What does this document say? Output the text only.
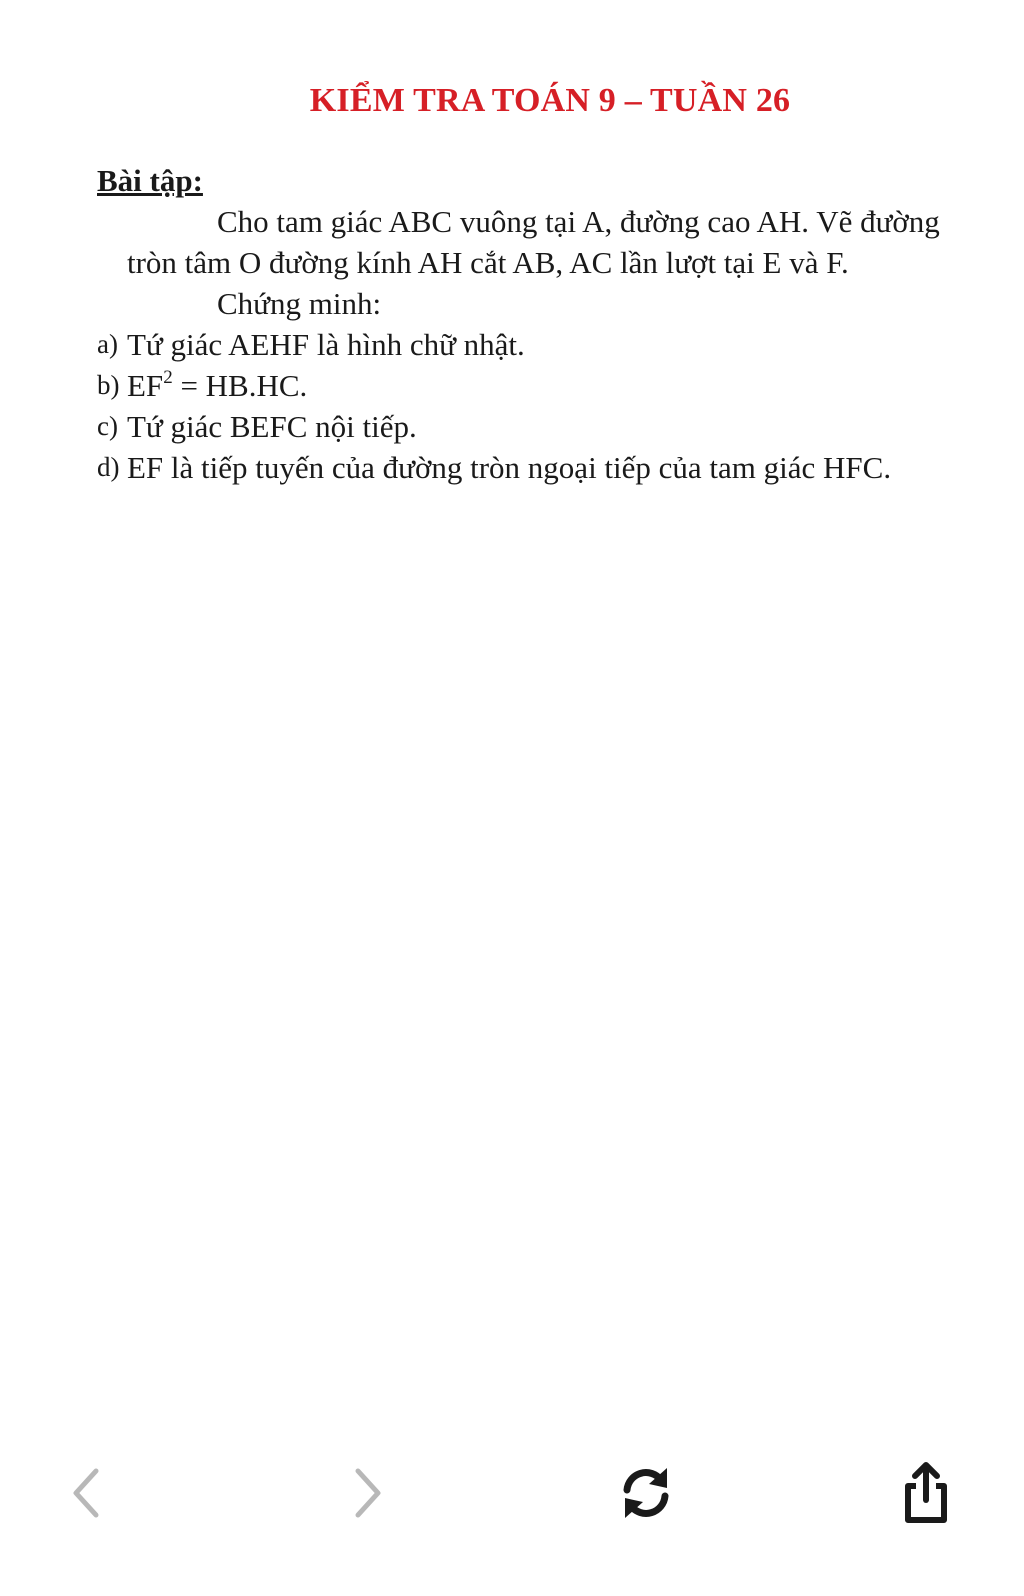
KIỂM TRA TOÁN 9 – TUẦN 26
Bài tập:
Cho tam giác ABC vuông tại A, đường cao AH. Vẽ đường tròn tâm O đường kính AH cắt AB, AC lần lượt tại E và F.
Chứng minh:
a) Tứ giác AEHF là hình chữ nhật.
b) $EF^2 = HB.HC$.
c) Tứ giác BEFC nội tiếp.
d) EF là tiếp tuyến của đường tròn ngoại tiếp của tam giác HFC.
